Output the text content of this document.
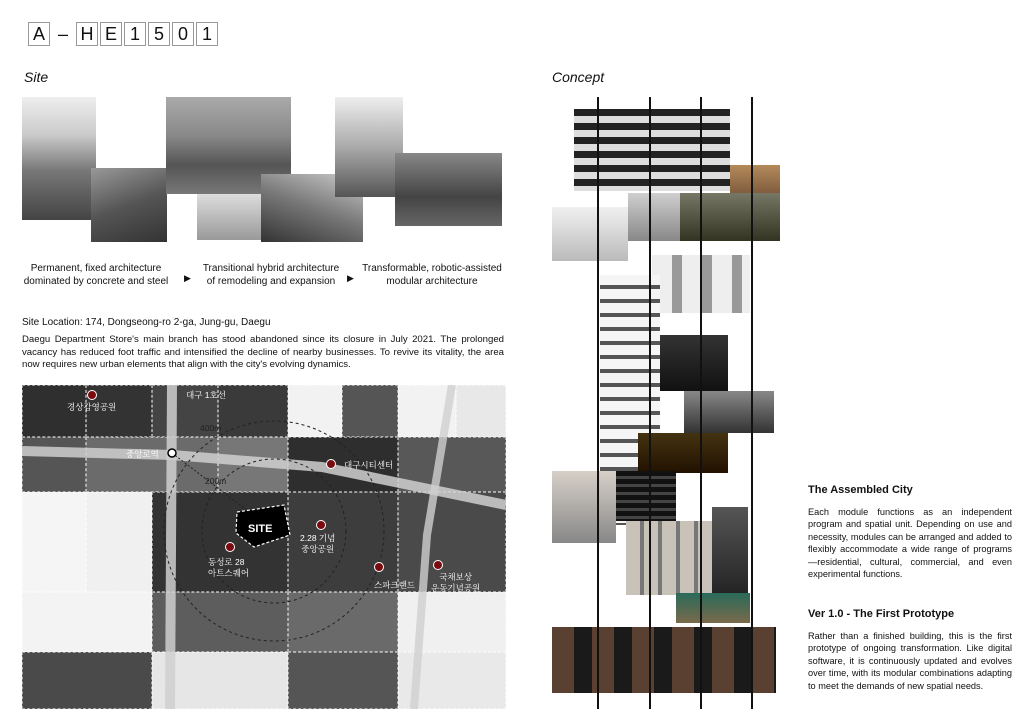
A – H E 1 5 0 1
Site
Permanent, fixed architecture dominated by concrete and steel ▶
Transitional hybrid architecture of remodeling and expansion	▶
Transformable, robotic-assisted modular architecture
Site Location: 174, Dongseong-ro 2-ga, Jung-gu, Daegu
Daegu Department Store's main branch has stood abandoned since its closure in July 2021. The prolonged vacancy has reduced foot traffic and intensified the decline of nearby businesses. To revive its vitality, the area now requires new urban elements that align with the city's evolving dynamics.
경상감영공원
대구 1호선
400m
중앙로역
200m
대구시티센터
SITE
2.28 기념
중앙공원
동성로 28
아트스퀘어
스파크랜드
국채보상
운동기념공원
Concept
The Assembled City
Each module functions as an independent program and spatial unit. Depending on use and necessity, modules can be arranged and added to flexibly accommodate a wide range of programs—residential, cultural, commercial, and even experimental functions.
Ver 1.0 - The First Prototype
Rather than a finished building, this is the first prototype of ongoing transformation. Like digital software, it is continuously updated and evolves over time, with its modular combinations adapting to meet the demands of new spatial needs.
